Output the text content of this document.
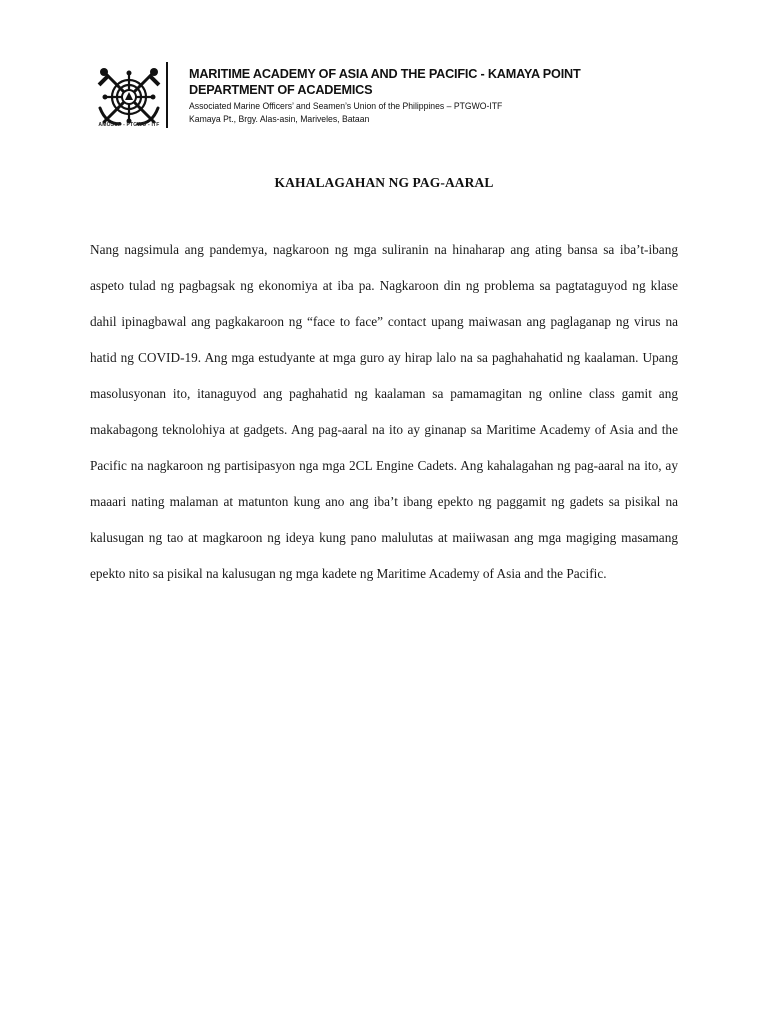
AMOSUP - PTGWO - ITF
MARITIME ACADEMY OF ASIA AND THE PACIFIC - KAMAYA POINT
DEPARTMENT OF ACADEMICS
Associated Marine Officers’ and Seamen’s Union of the Philippines – PTGWO-ITF
Kamaya Pt., Brgy. Alas-asin, Mariveles, Bataan
KAHALAGAHAN NG PAG-AARAL
Nang nagsimula ang pandemya, nagkaroon ng mga suliranin na hinaharap ang ating bansa sa iba’t-ibang aspeto tulad ng pagbagsak ng ekonomiya at iba pa. Nagkaroon din ng problema sa pagtataguyod ng klase dahil ipinagbawal ang pagkakaroon ng “face to face” contact upang maiwasan ang paglaganap ng virus na hatid ng COVID-19. Ang mga estudyante at mga guro ay hirap lalo na sa paghahahatid ng kaalaman. Upang masolusyonan ito, itanaguyod ang paghahatid ng kaalaman sa pamamagitan ng online class gamit ang makabagong teknolohiya at gadgets. Ang pag-aaral na ito ay ginanap sa Maritime Academy of Asia and the Pacific na nagkaroon ng partisipasyon nga mga 2CL Engine Cadets. Ang kahalagahan ng pag-aaral na ito, ay maaari nating malaman at matunton kung ano ang iba’t ibang epekto ng paggamit ng gadets sa pisikal na kalusugan ng tao at magkaroon ng ideya kung pano malulutas at maiiwasan ang mga magiging masamang epekto nito sa pisikal na kalusugan ng mga kadete ng Maritime Academy of Asia and the Pacific.
